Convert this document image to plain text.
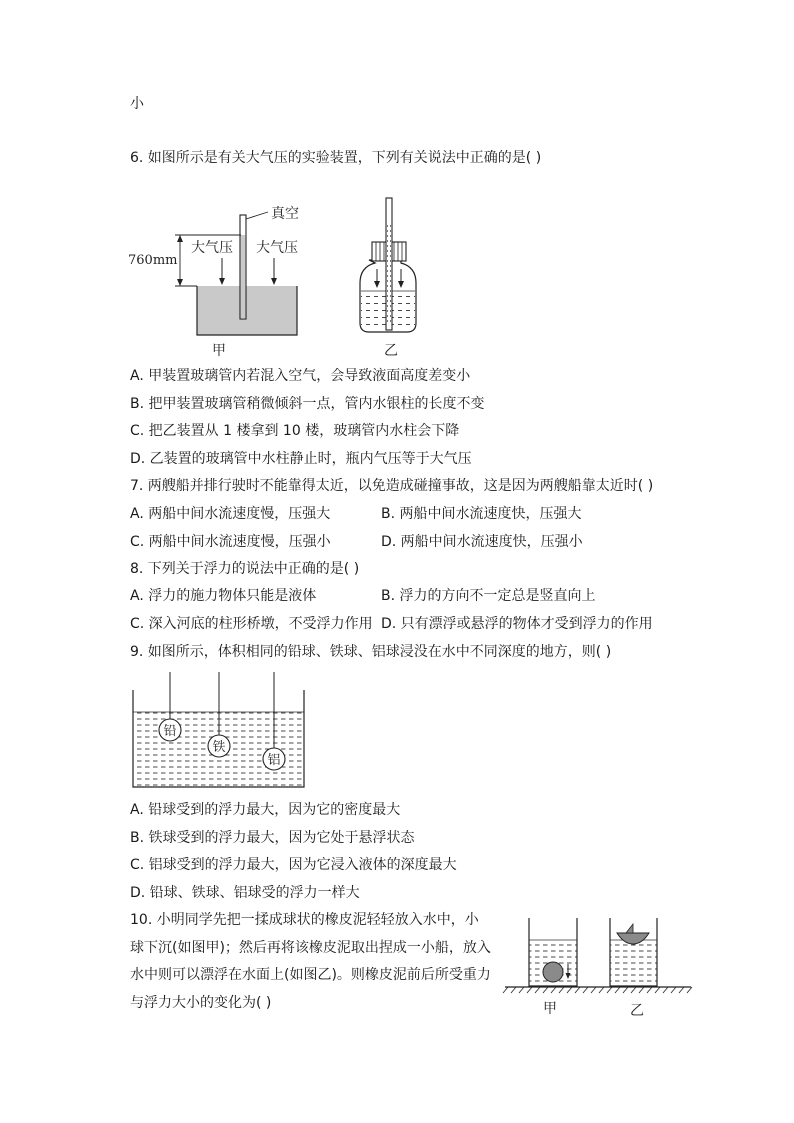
小
6. 如图所示是有关大气压的实验装置，下列有关说法中正确的是( )
真空
大气压 大气压
760mm
甲	乙
A. 甲装置玻璃管内若混入空气，会导致液面高度差变小
B. 把甲装置玻璃管稍微倾斜一点，管内水银柱的长度不变
C. 把乙装置从 1 楼拿到 10 楼，玻璃管内水柱会下降
D. 乙装置的玻璃管中水柱静止时，瓶内气压等于大气压
7. 两艘船并排行驶时不能靠得太近，以免造成碰撞事故，这是因为两艘船靠太近时( )
A. 两船中间水流速度慢，压强大	B. 两船中间水流速度快，压强大
C. 两船中间水流速度慢，压强小	D. 两船中间水流速度快，压强小
8. 下列关于浮力的说法中正确的是( )
A. 浮力的施力物体只能是液体	B. 浮力的方向不一定总是竖直向上
C. 深入河底的柱形桥墩，不受浮力作用 D. 只有漂浮或悬浮的物体才受到浮力的作用
9. 如图所示，体积相同的铅球、铁球、铝球浸没在水中不同深度的地方，则( )
铅
铁
铝
A. 铅球受到的浮力最大，因为它的密度最大
B. 铁球受到的浮力最大，因为它处于悬浮状态
C. 铝球受到的浮力最大，因为它浸入液体的深度最大
D. 铅球、铁球、铝球受的浮力一样大
10. 小明同学先把一揉成球状的橡皮泥轻轻放入水中，小
球下沉(如图甲)；然后再将该橡皮泥取出捏成一小船，放入
水中则可以漂浮在水面上(如图乙)。则橡皮泥前后所受重力
与浮力大小的变化为( )	甲	乙
